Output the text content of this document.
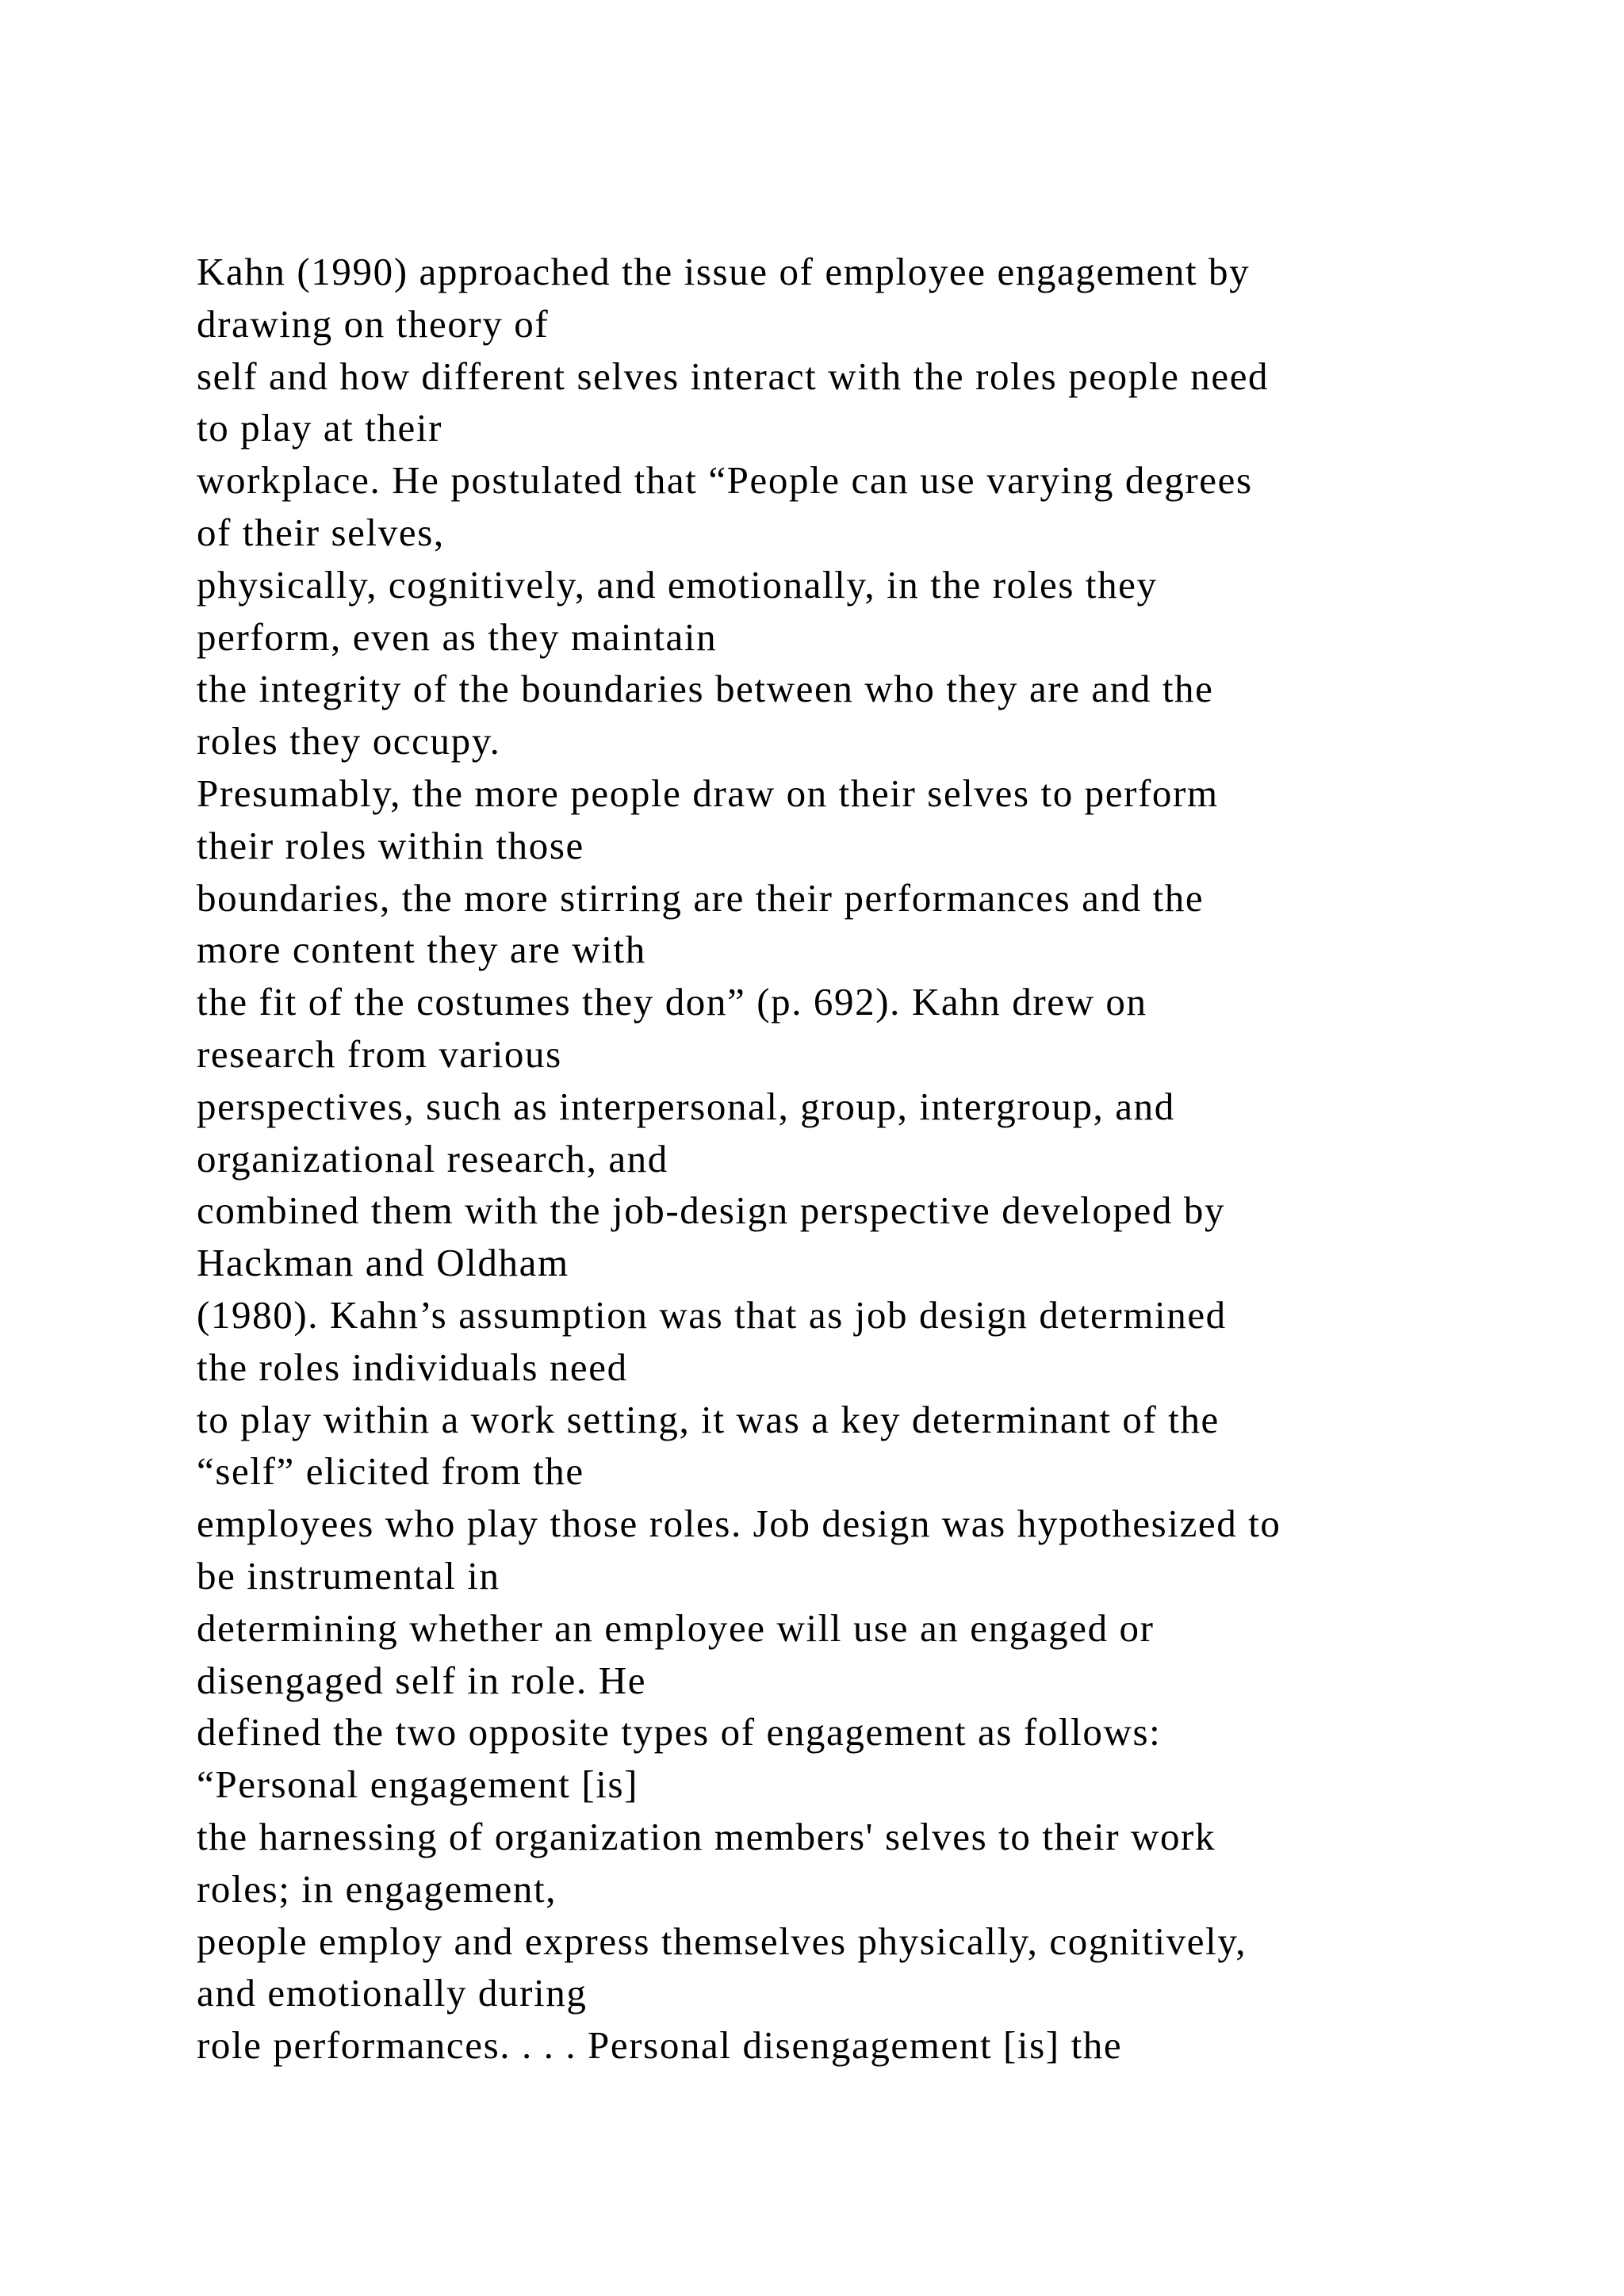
Kahn (1990) approached the issue of employee engagement by
drawing on theory of
self and how different selves interact with the roles people need
to play at their
workplace. He postulated that “People can use varying degrees
of their selves,
physically, cognitively, and emotionally, in the roles they
perform, even as they maintain
the integrity of the boundaries between who they are and the
roles they occupy.
Presumably, the more people draw on their selves to perform
their roles within those
boundaries, the more stirring are their performances and the
more content they are with
the fit of the costumes they don” (p. 692). Kahn drew on
research from various
perspectives, such as interpersonal, group, intergroup, and
organizational research, and
combined them with the job-design perspective developed by
Hackman and Oldham
(1980). Kahn’s assumption was that as job design determined
the roles individuals need
to play within a work setting, it was a key determinant of the
“self” elicited from the
employees who play those roles. Job design was hypothesized to
be instrumental in
determining whether an employee will use an engaged or
disengaged self in role. He
defined the two opposite types of engagement as follows:
“Personal engagement [is]
the harnessing of organization members' selves to their work
roles; in engagement,
people employ and express themselves physically, cognitively,
and emotionally during
role performances. . . . Personal disengagement [is] the
